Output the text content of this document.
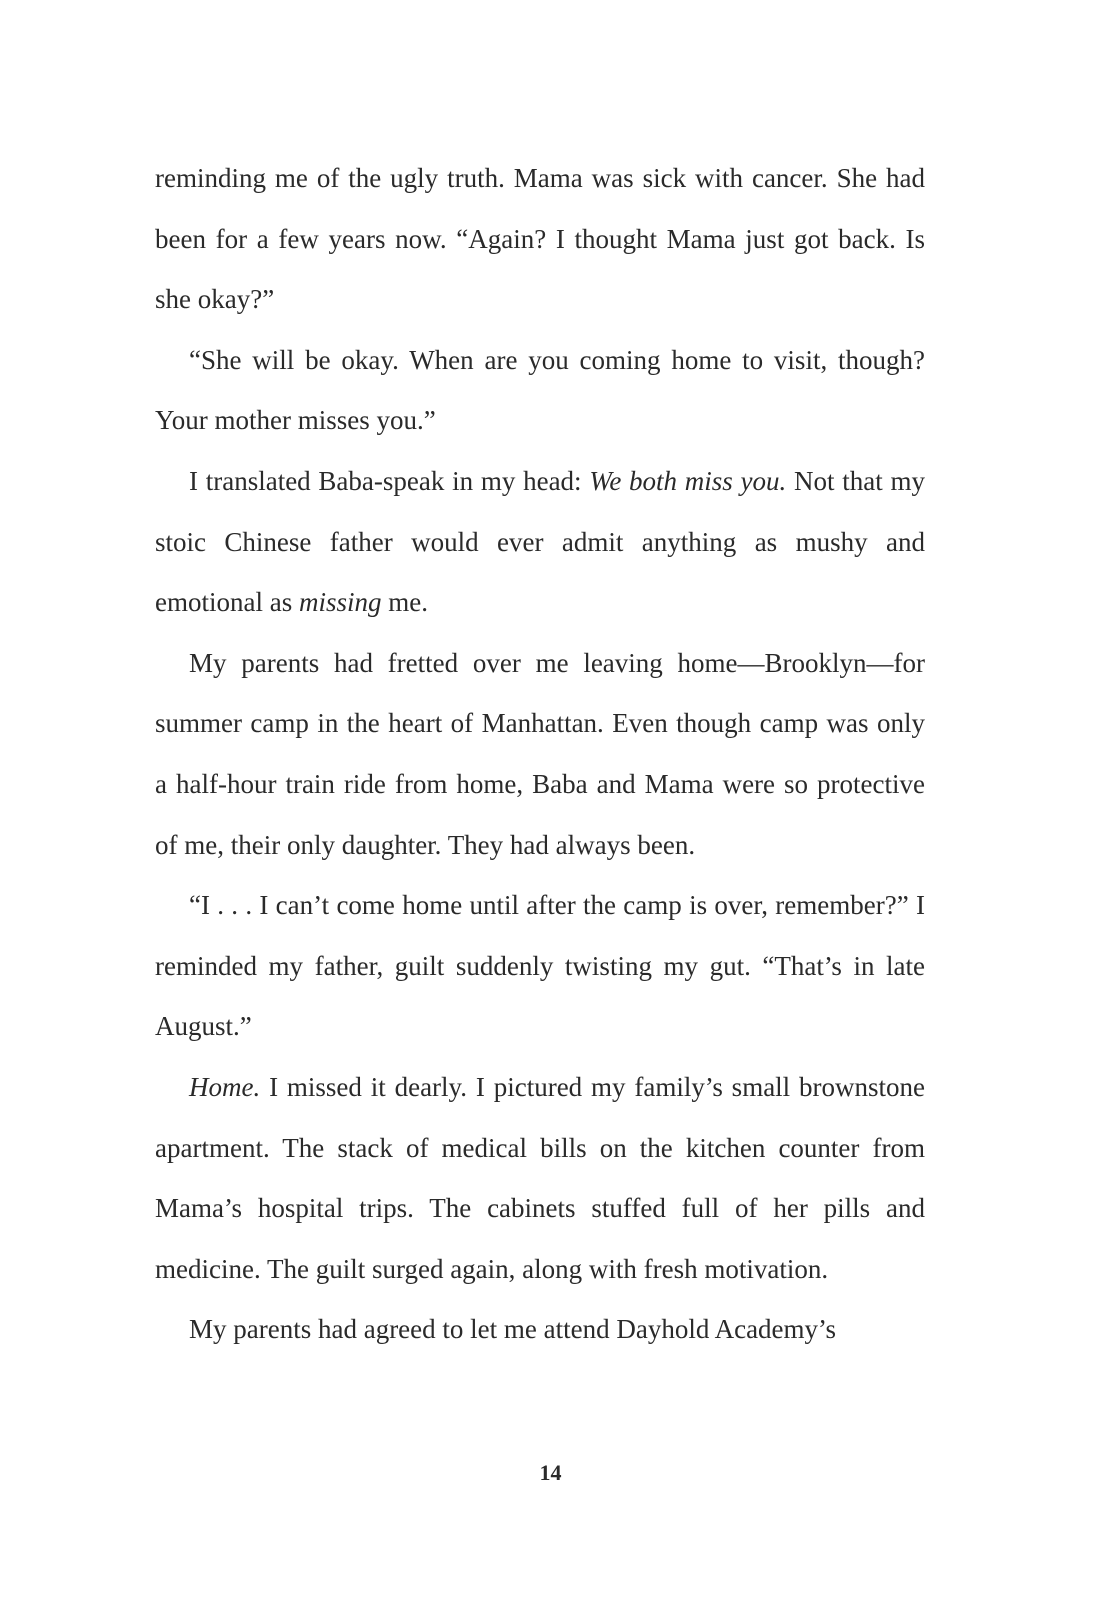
reminding me of the ugly truth. Mama was sick with cancer. She had been for a few years now. “Again? I thought Mama just got back. Is she okay?”

“She will be okay. When are you coming home to visit, though? Your mother misses you.”

I translated Baba-speak in my head: We both miss you. Not that my stoic Chinese father would ever admit anything as mushy and emotional as missing me.

My parents had fretted over me leaving home—Brooklyn—for summer camp in the heart of Manhattan. Even though camp was only a half-hour train ride from home, Baba and Mama were so protective of me, their only daughter. They had always been.

“I . . . I can’t come home until after the camp is over, remember?” I reminded my father, guilt suddenly twisting my gut. “That’s in late August.”

Home. I missed it dearly. I pictured my family’s small brownstone apartment. The stack of medical bills on the kitchen counter from Mama’s hospital trips. The cabinets stuffed full of her pills and medicine. The guilt surged again, along with fresh motivation.

My parents had agreed to let me attend Dayhold Academy’s

14
